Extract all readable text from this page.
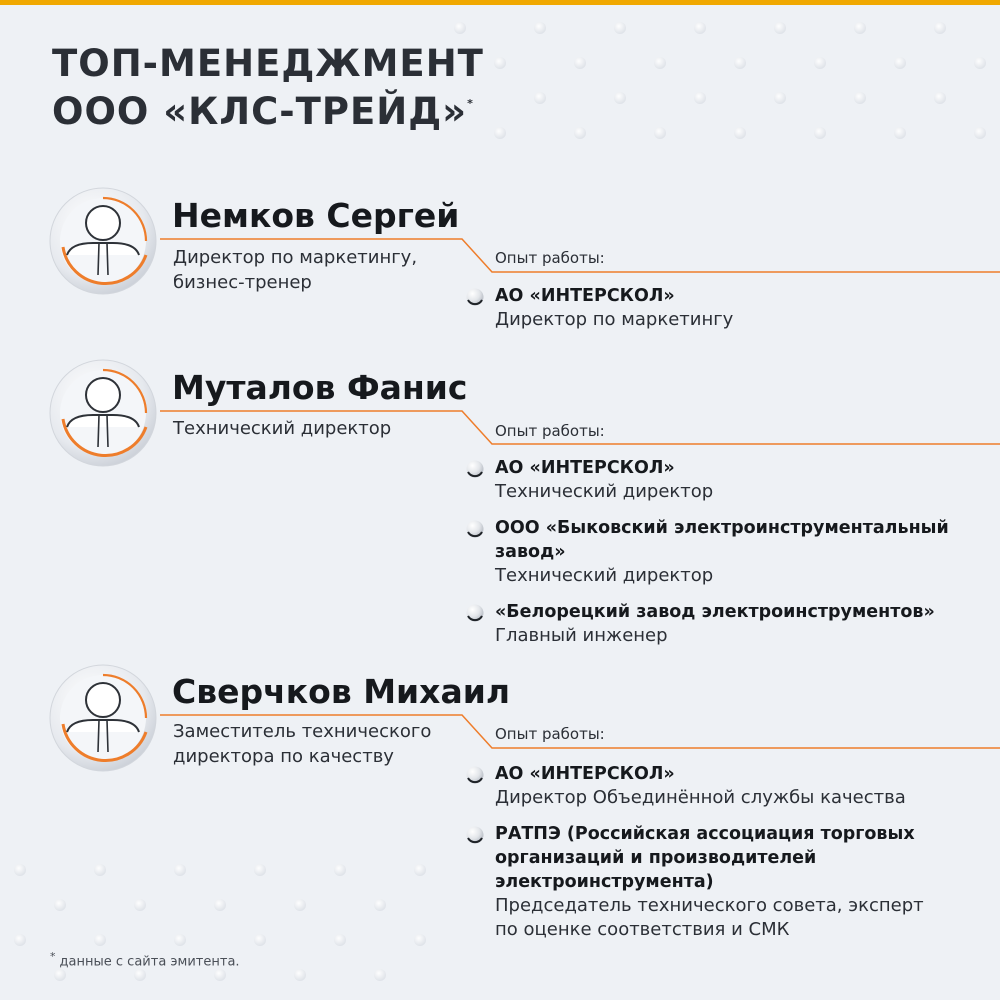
ТОП-МЕНЕДЖМЕНТ
ООО «КЛС-ТРЕЙД»*
Немков Сергей

Директор по маркетингу,
бизнес-тренер

Опыт работы:

АО «ИНТЕРСКОЛ»

Директор по маркетингу

Муталов Фанис

Технический директор	Опыт работы:

АО «ИНТЕРСКОЛ»

Технический директор

ООО «Быковский электроинструментальный
завод»

Технический директор

«Белорецкий завод электроинструментов»

Главный инженер

Сверчков Михаил

Заместитель технического
директора по качеству

Опыт работы:

АО «ИНТЕРСКОЛ»

Директор Объединённой службы качества

РАТПЭ (Российская ассоциация торговых
организаций и производителей
электроинструмента)

Председатель технического совета, эксперт
по оценке соответствия и СМК

* данные с сайта эмитента.
